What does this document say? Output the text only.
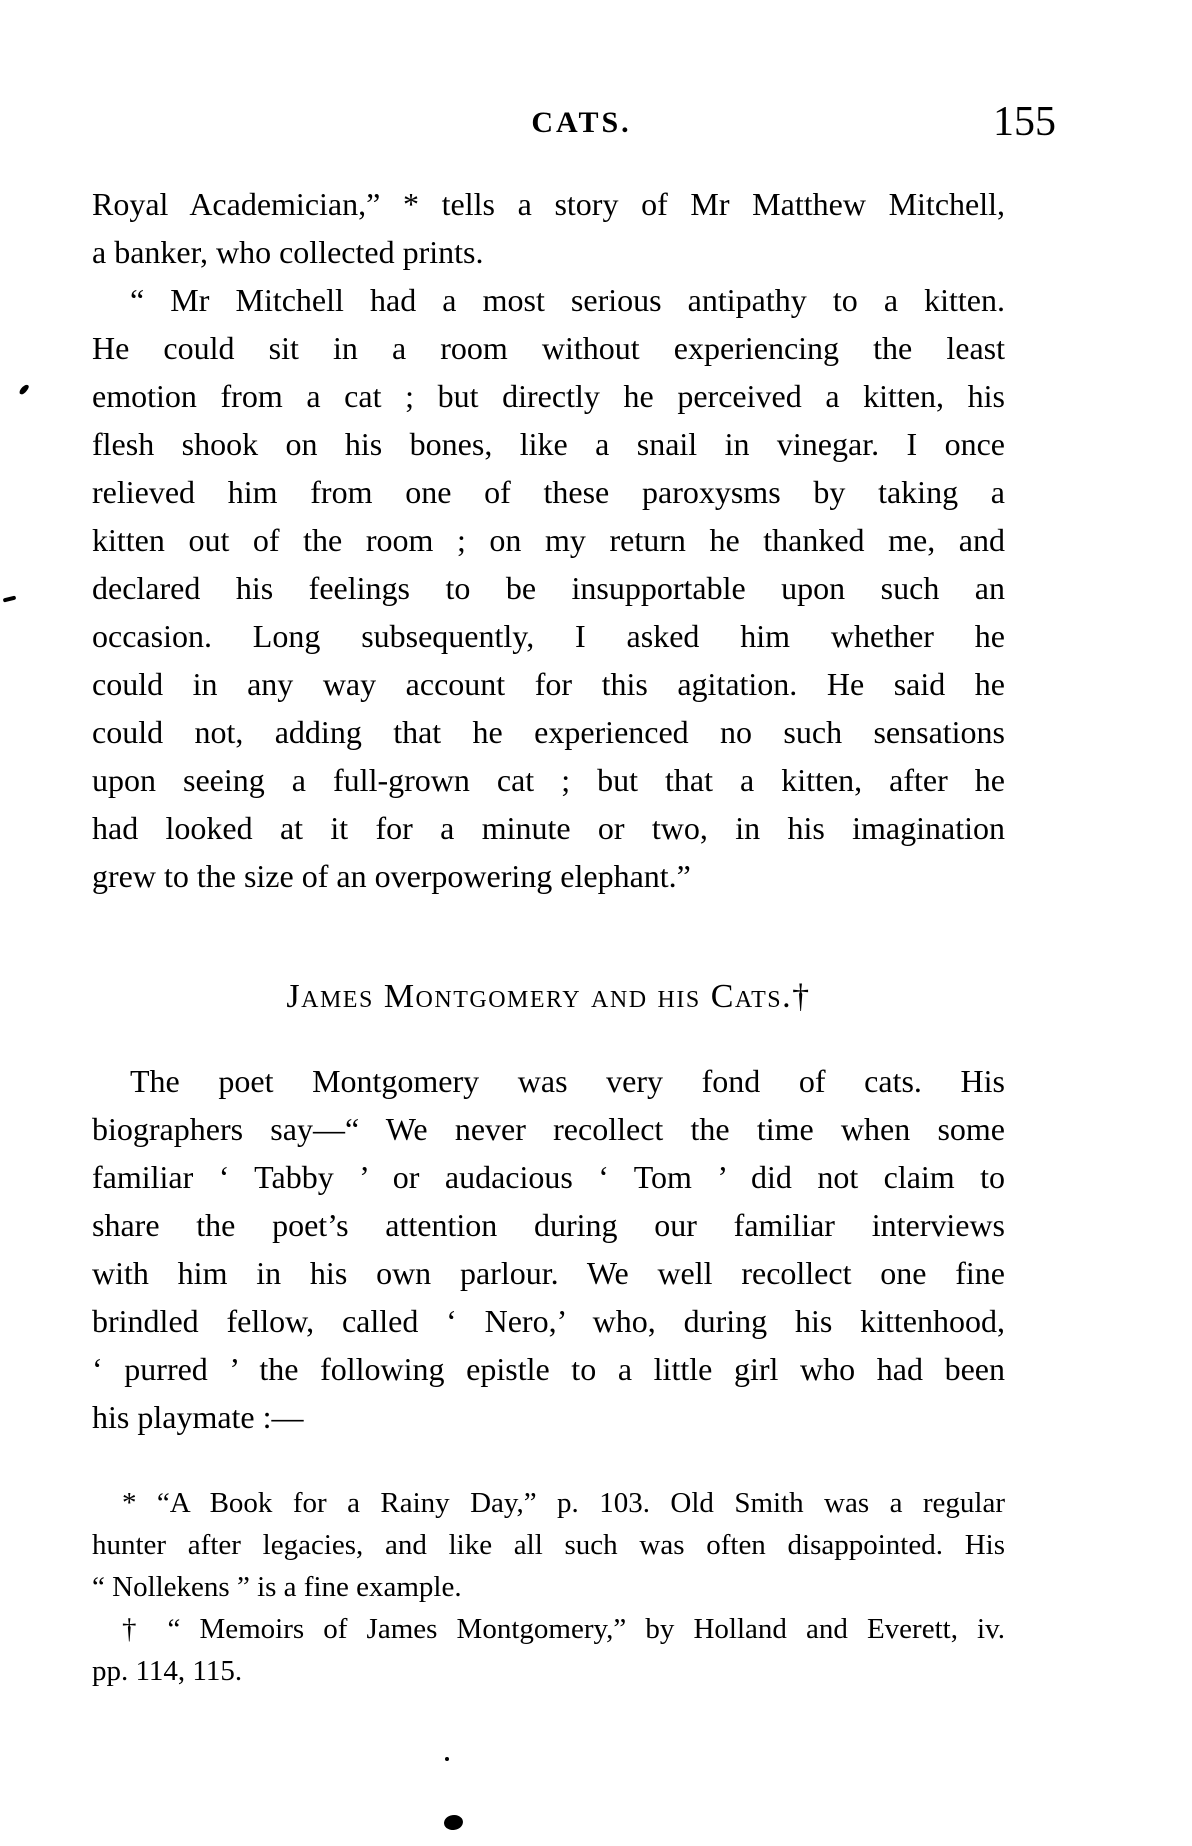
CATS.	155
Royal Academician,” * tells a story of Mr Matthew Mitchell,
a banker, who collected prints.
“ Mr Mitchell had a most serious antipathy to a kitten.
He could sit in a room without experiencing the least
emotion from a cat ; but directly he perceived a kitten, his
flesh shook on his bones, like a snail in vinegar. I once
relieved him from one of these paroxysms by taking a
kitten out of the room ; on my return he thanked me, and
declared his feelings to be insupportable upon such an
occasion. Long subsequently, I asked him whether he
could in any way account for this agitation. He said he
could not, adding that he experienced no such sensations
upon seeing a full-grown cat ; but that a kitten, after he
had looked at it for a minute or two, in his imagination
grew to the size of an overpowering elephant.”
James Montgomery and his Cats.†
The poet Montgomery was very fond of cats. His
biographers say—“ We never recollect the time when some
familiar ‘ Tabby ’ or audacious ‘ Tom ’ did not claim to
share the poet’s attention during our familiar interviews
with him in his own parlour. We well recollect one fine
brindled fellow, called ‘ Nero,’ who, during his kittenhood,
‘ purred ’ the following epistle to a little girl who had been
his playmate :—
* “A Book for a Rainy Day,” p. 103. Old Smith was a regular
hunter after legacies, and like all such was often disappointed. His
“ Nollekens ” is a fine example.
† “ Memoirs of James Montgomery,” by Holland and Everett, iv.
pp. 114, 115.
